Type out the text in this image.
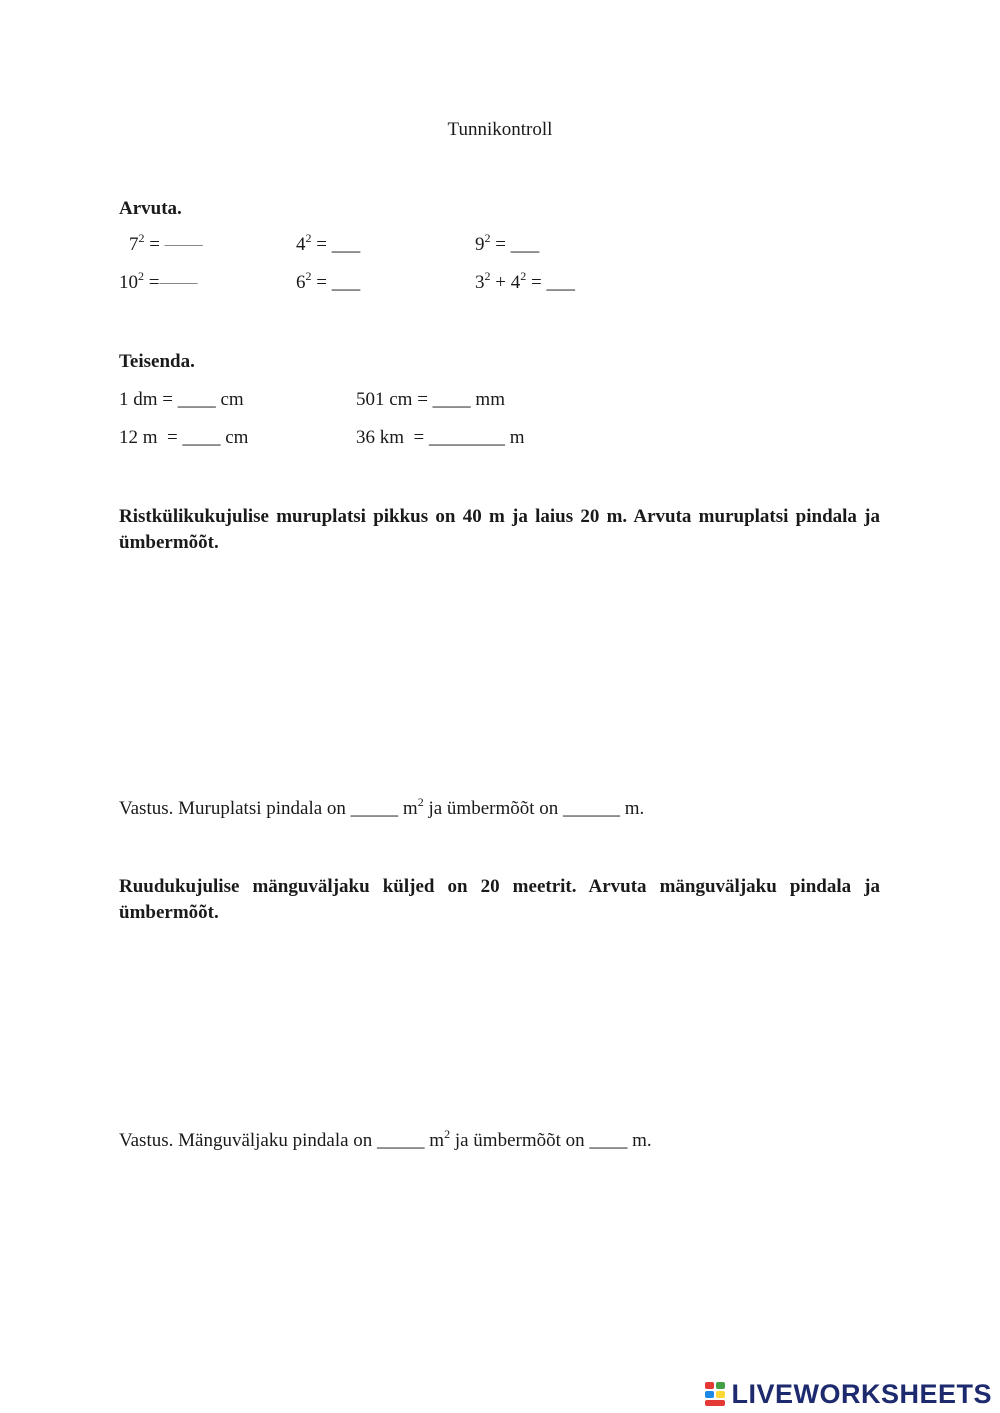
Tunnikontroll
Arvuta.
$7^2$ = ——	$4^2$ = ___	$9^2$ = ___
$10^2$ =——	$6^2$ = ___	$3^2 + 4^2$ = ___
Teisenda.
1 dm = ____ cm	501 cm = ____ mm
12 m  = ____ cm	36 km  = ________ m
Ristkülikukujulise muruplatsi pikkus on 40 m ja laius 20 m. Arvuta muruplatsi pindala ja ümbermõõt.
Vastus. Muruplatsi pindala on _____ $m^2$ ja ümbermõõt on ______ m.
Ruudukujulise mänguväljaku küljed on 20 meetrit. Arvuta mänguväljaku pindala ja ümbermõõt.
Vastus. Mänguväljaku pindala on _____ $m^2$ ja ümbermõõt on ____ m.
LIVEWORKSHEETS
